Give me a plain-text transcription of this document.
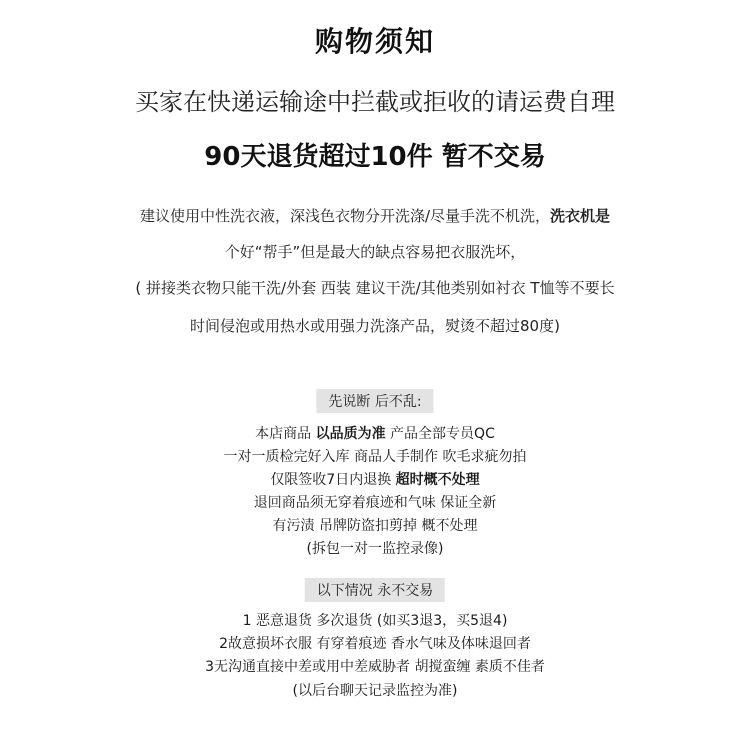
购物须知
买家在快递运输途中拦截或拒收的请运费自理
90天退货超过10件 暂不交易
建议使用中性洗衣液，深浅色衣物分开洗涤/尽量手洗不机洗，洗衣机是
个好“帮手”但是最大的缺点容易把衣服洗坏，
( 拼接类衣物只能干洗/外套 西装 建议干洗/其他类别如衬衣 T恤等不要长
时间侵泡或用热水或用强力洗涤产品，熨烫不超过80度)
先说断 后不乱:
本店商品 以品质为准 产品全部专员QC
一对一质检完好入库 商品人手制作 吹毛求疵勿拍
仅限签收7日内退换 超时概不处理
退回商品须无穿着痕迹和气味 保证全新
有污渍 吊牌防盗扣剪掉 概不处理
(拆包一对一监控录像)
以下情况 永不交易
1 恶意退货 多次退货 (如买3退3，买5退4)
2故意损坏衣服 有穿着痕迹 香水气味及体味退回者
3无沟通直接中差或用中差威胁者 胡搅蛮缠 素质不佳者
(以后台聊天记录监控为准)
